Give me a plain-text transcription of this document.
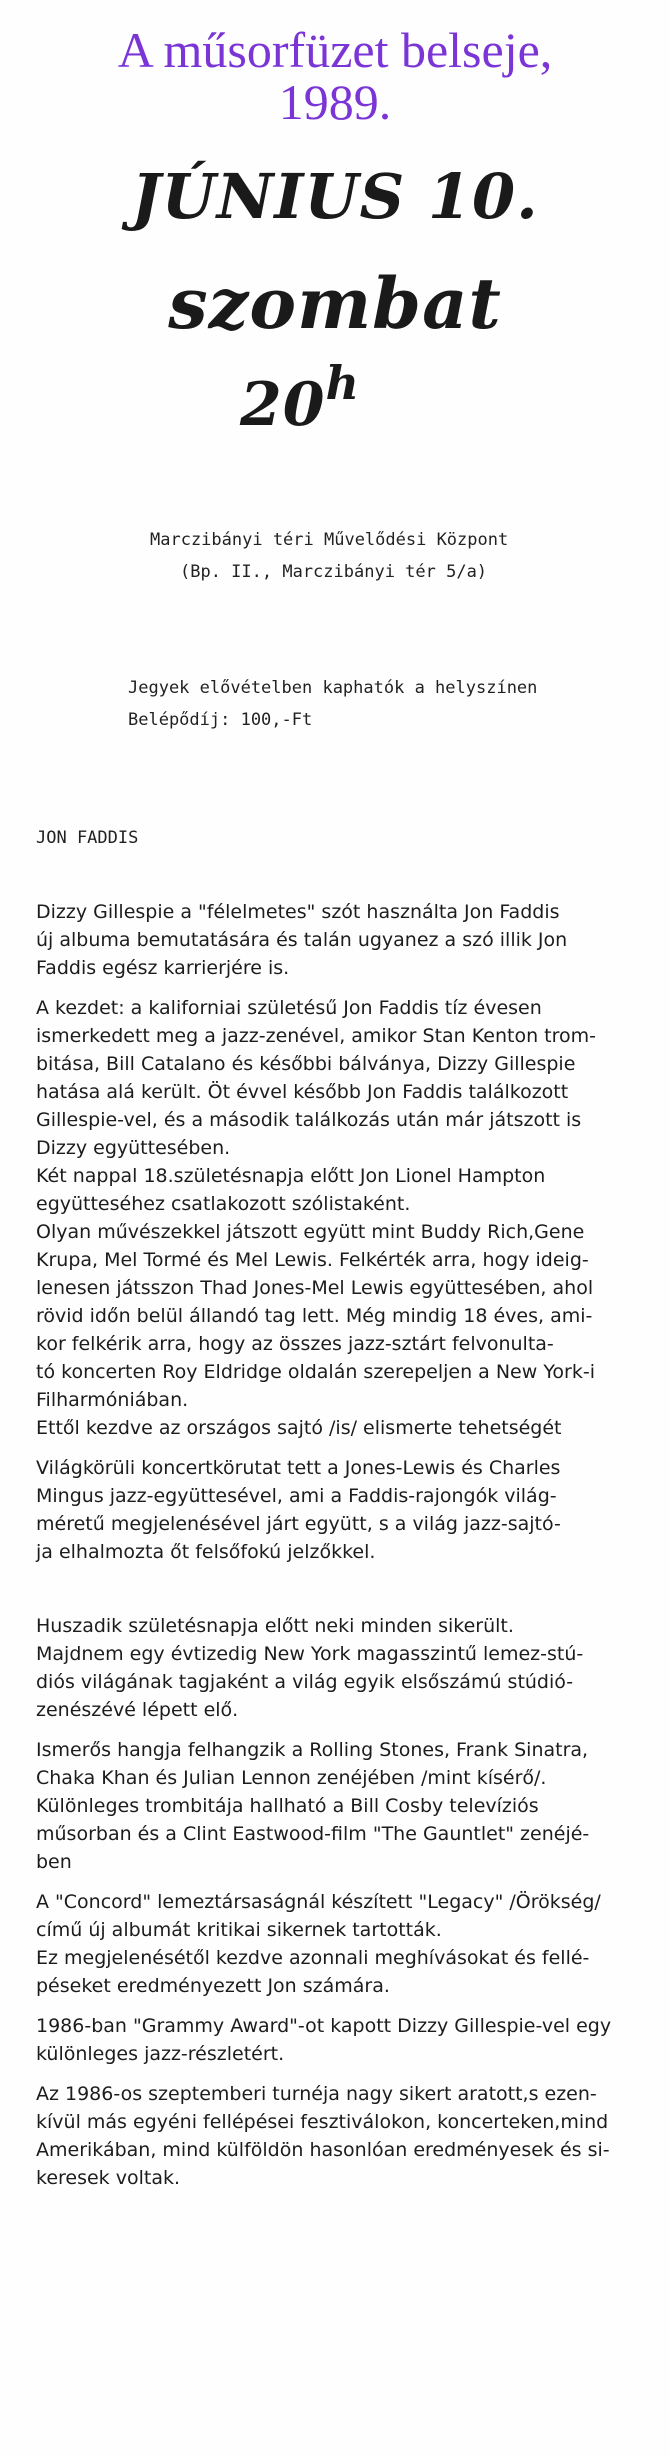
A műsorfüzet belseje,
1989.
JÚNIUS 10.
szombat
20$^h$
Marczibányi téri Művelődési Központ
(Bp. II., Marczibányi tér 5/a)
Jegyek elővételben kaphatók a helyszínen
Belépődíj: 100,-Ft
JON FADDIS

Dizzy Gillespie a "félelmetes" szót használta Jon Faddis

új albuma bemutatására és talán ugyanez a szó illik Jon

Faddis egész karrierjére is.

A kezdet: a kaliforniai születésű Jon Faddis tíz évesen

ismerkedett meg a jazz-zenével, amikor Stan Kenton trom-

bitása, Bill Catalano és későbbi bálványa, Dizzy Gillespie

hatása alá került. Öt évvel később Jon Faddis találkozott

Gillespie-vel, és a második találkozás után már játszott is

Dizzy együttesében.

Két nappal 18.születésnapja előtt Jon Lionel Hampton

együtteséhez csatlakozott szólistaként.

Olyan művészekkel játszott együtt mint Buddy Rich,Gene

Krupa, Mel Tormé és Mel Lewis. Felkérték arra, hogy ideig-

lenesen játsszon Thad Jones-Mel Lewis együttesében, ahol

rövid időn belül állandó tag lett. Még mindig 18 éves, ami-

kor felkérik arra, hogy az összes jazz-sztárt felvonulta-

tó koncerten Roy Eldridge oldalán szerepeljen a New York-i

Filharmóniában.

Ettől kezdve az országos sajtó /is/ elismerte tehetségét

Világkörüli koncertkörutat tett a Jones-Lewis és Charles

Mingus jazz-együttesével, ami a Faddis-rajongók világ-

méretű megjelenésével járt együtt, s a világ jazz-sajtó-

ja elhalmozta őt felsőfokú jelzőkkel.

Huszadik születésnapja előtt neki minden sikerült.

Majdnem egy évtizedig New York magasszintű lemez-stú-

diós világának tagjaként a világ egyik elsőszámú stúdió-

zenészévé lépett elő.

Ismerős hangja felhangzik a Rolling Stones, Frank Sinatra,

Chaka Khan és Julian Lennon zenéjében /mint kísérő/.

Különleges trombitája hallható a Bill Cosby televíziós

műsorban és a Clint Eastwood-film "The Gauntlet" zenéjé-

ben

A "Concord" lemeztársaságnál készített "Legacy" /Örökség/

című új albumát kritikai sikernek tartották.

Ez megjelenésétől kezdve azonnali meghívásokat és fellé-

péseket eredményezett Jon számára.

1986-ban "Grammy Award"-ot kapott Dizzy Gillespie-vel egy

különleges jazz-részletért.

Az 1986-os szeptemberi turnéja nagy sikert aratott,s ezen-

kívül más egyéni fellépései fesztiválokon, koncerteken,mind

Amerikában, mind külföldön hasonlóan eredményesek és si-

keresek voltak.
